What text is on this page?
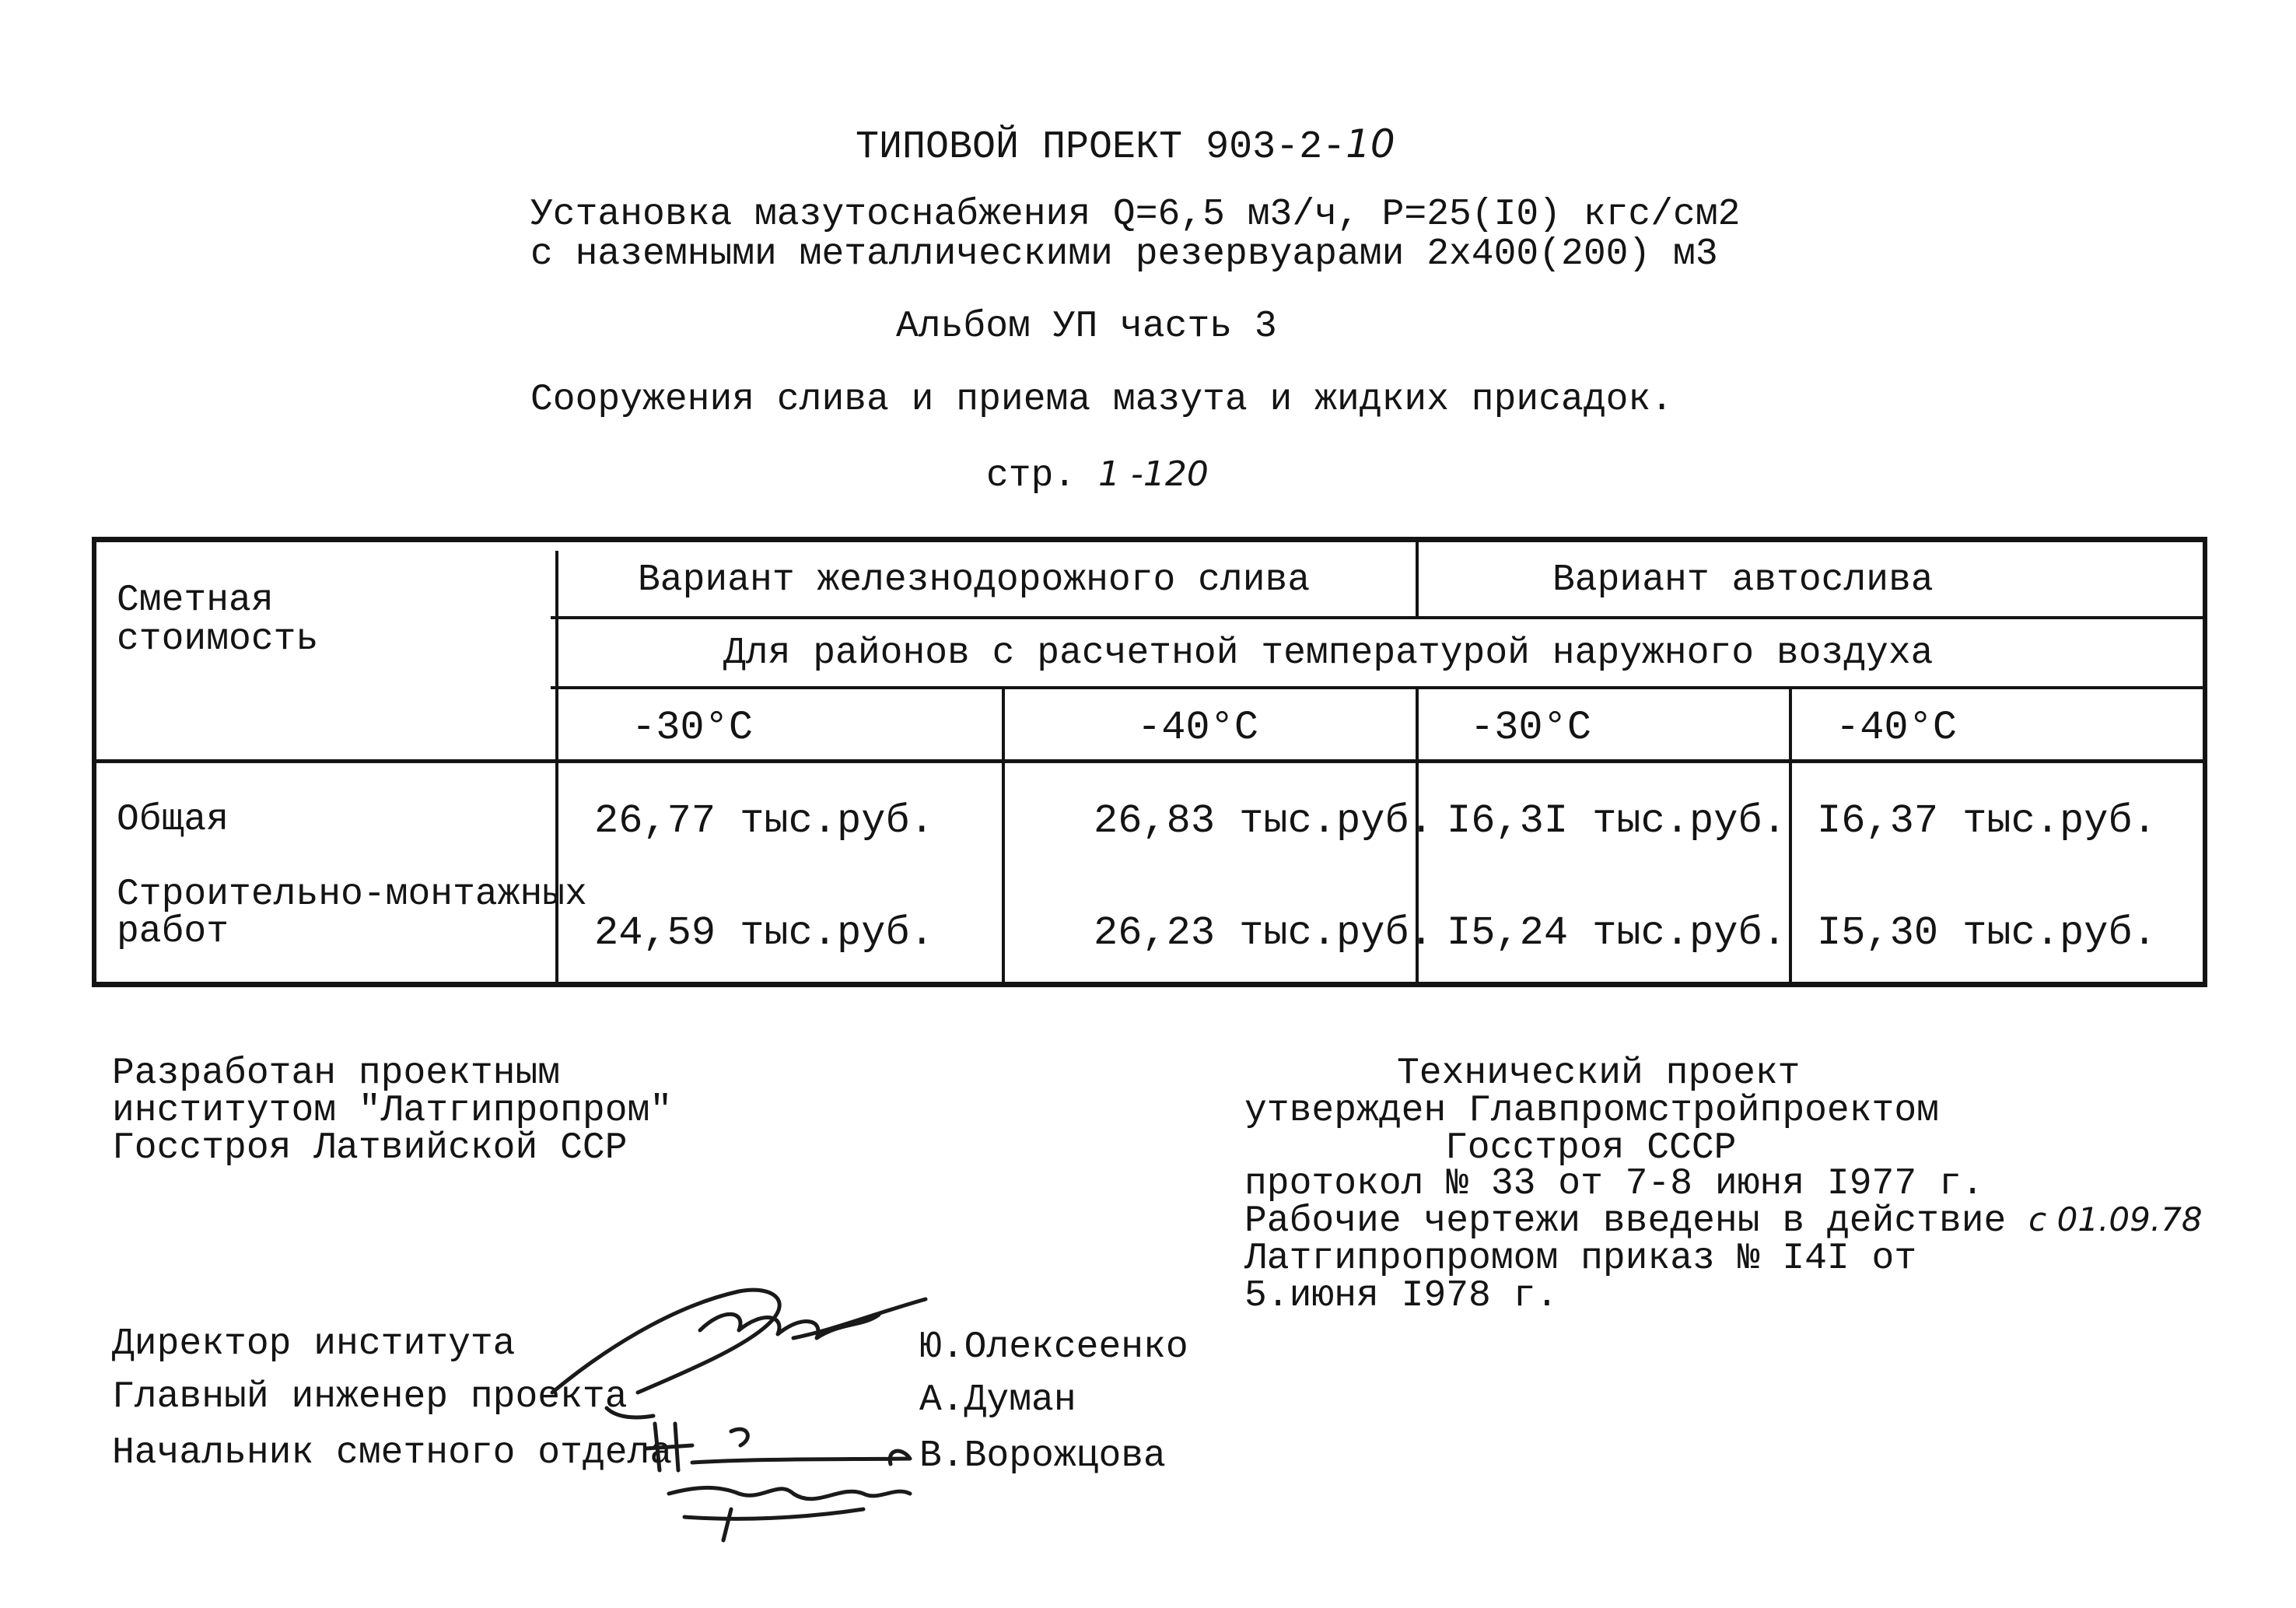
ТИПОВОЙ ПРОЕКТ 903-2-10
Установка мазутоснабжения Q=6,5 м3/ч, Р=25(I0) кгс/см2
с наземными металлическими резервуарами 2х400(200) м3
Альбом УП часть 3
Сооружения слива и приема мазута и жидких присадок.
стр. 1 -120
Сметная
стоимость
Вариант железнодорожного слива	Вариант автослива
Для районов с расчетной температурой наружного воздуха
-30°C	-40°C	-30°C	-40°C
Общая	26,77 тыс.руб.	26,83 тыс.руб. I6,3I тыс.руб. I6,37 тыс.руб.
Строительно-монтажных
работ	24,59 тыс.руб.	26,23 тыс.руб. I5,24 тыс.руб. I5,30 тыс.руб.
Разработан проектным
институтом "Латгипропром"
Госстроя Латвийской ССР
Технический проект
утвержден Главпромстройпроектом
Госстроя СССР
протокол № 33 от 7-8 июня I977 г.
Рабочие чертежи введены в действие с 01.09.78
Латгипропромом приказ № I4I от
5.июня I978 г.
Директор института	Ю.Олексеенко
Главный инженер проекта	А.Думан
Начальник сметного отдела	В.Ворожцова
